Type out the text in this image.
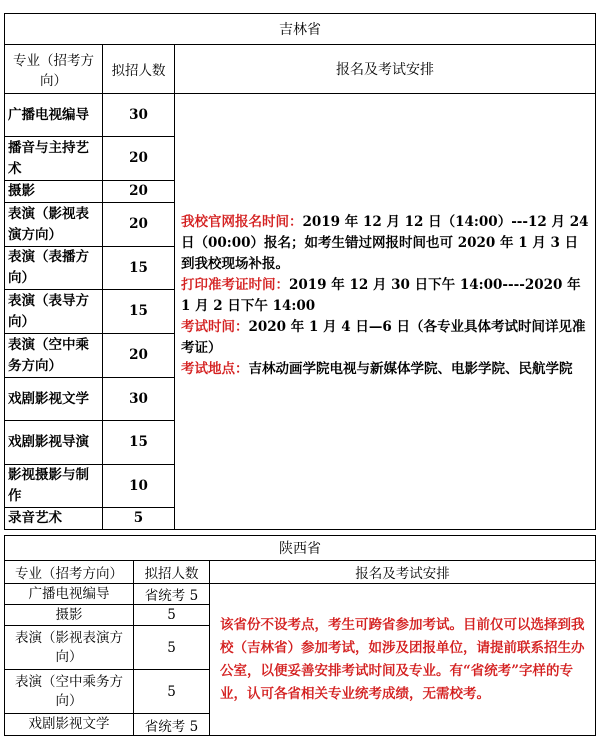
吉林省		
专业（招考方向）	拟招人数	报名及考试安排
广播电视编导	30	我校官网报名时间：2019 年 12 月 12 日（14:00）---12 月 24 日（00:00）报名；如考生错过网报时间也可 2020 年 1 月 3 日到我校现场补报。
打印准考证时间：2019 年 12 月 30 日下午 14:00----2020 年 1 月 2 日下午 14:00
考试时间：2020 年 1 月 4 日—6 日（各专业具体考试时间详见准考证）
考试地点：吉林动画学院电视与新媒体学院、电影学院、民航学院
播音与主持艺术	20	
摄影	20	
表演（影视表演方向）	20	
表演（表播方向）	15	
表演（表导方向）	15	
表演（空中乘务方向）	20	
戏剧影视文学	30	
戏剧影视导演	15	
影视摄影与制作	10	
录音艺术	5	
陕西省		
专业（招考方向）	拟招人数	报名及考试安排
广播电视编导	省统考 5	该省份不设考点，考生可跨省参加考试。目前仅可以选择到我校（吉林省）参加考试，如涉及团报单位，请提前联系招生办公室，以便妥善安排考试时间及专业。有“省统考”字样的专业，认可各省相关专业统考成绩，无需校考。
摄影	5	
表演（影视表演方向）	5	
表演（空中乘务方向）	5	
戏剧影视文学	省统考 5	
